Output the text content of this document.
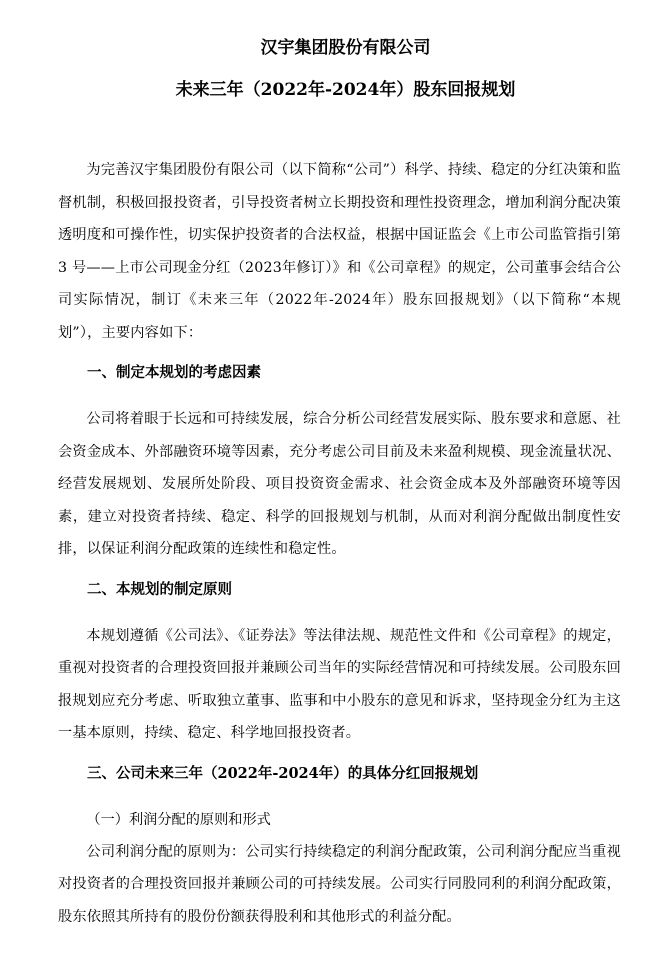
汉宇集团股份有限公司
未来三年（2022年-2024年）股东回报规划

为完善汉宇集团股份有限公司（以下简称“公司”）科学、持续、稳定的分红决策和监督机制，积极回报投资者，引导投资者树立长期投资和理性投资理念，增加利润分配决策透明度和可操作性，切实保护投资者的合法权益，根据中国证监会《上市公司监管指引第3 号——上市公司现金分红（2023年修订）》和《公司章程》的规定，公司董事会结合公司实际情况，制订《未来三年（2022年-2024年）股东回报规划》（以下简称“本规划”），主要内容如下：

一、制定本规划的考虑因素

公司将着眼于长远和可持续发展，综合分析公司经营发展实际、股东要求和意愿、社会资金成本、外部融资环境等因素，充分考虑公司目前及未来盈利规模、现金流量状况、经营发展规划、发展所处阶段、项目投资资金需求、社会资金成本及外部融资环境等因素，建立对投资者持续、稳定、科学的回报规划与机制，从而对利润分配做出制度性安排，以保证利润分配政策的连续性和稳定性。

二、本规划的制定原则

本规划遵循《公司法》、《证券法》等法律法规、规范性文件和《公司章程》的规定，重视对投资者的合理投资回报并兼顾公司当年的实际经营情况和可持续发展。公司股东回报规划应充分考虑、听取独立董事、监事和中小股东的意见和诉求，坚持现金分红为主这一基本原则，持续、稳定、科学地回报投资者。

三、公司未来三年（2022年-2024年）的具体分红回报规划
（一）利润分配的原则和形式

公司利润分配的原则为：公司实行持续稳定的利润分配政策，公司利润分配应当重视对投资者的合理投资回报并兼顾公司的可持续发展。公司实行同股同利的利润分配政策，股东依照其所持有的股份份额获得股利和其他形式的利益分配。
